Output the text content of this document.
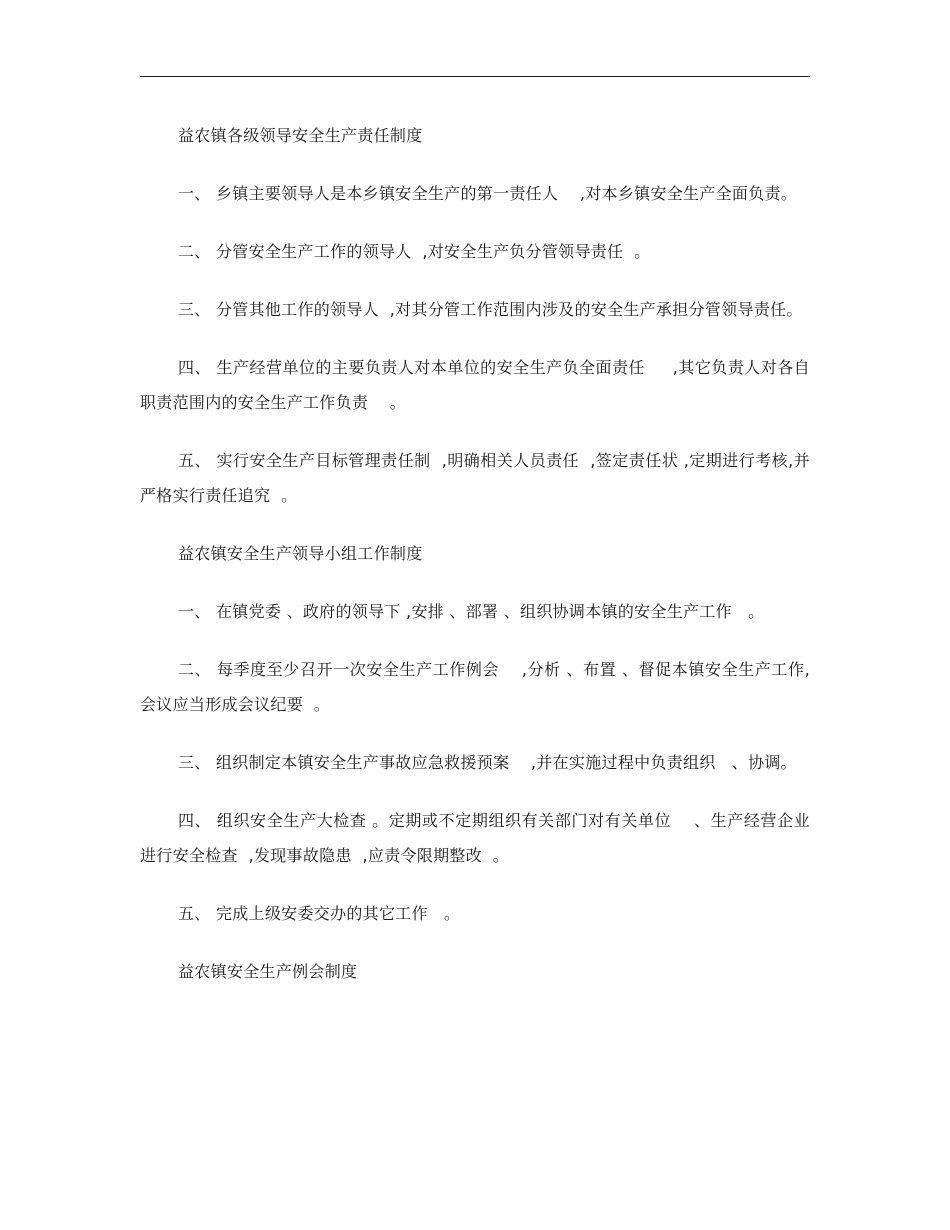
益农镇各级领导安全生产责任制度

一、 乡镇主要领导人是本乡镇安全生产的第一责任人    ,对本乡镇安全生产全面负责。

二、 分管安全生产工作的领导人  ,对安全生产负分管领导责任  。

三、 分管其他工作的领导人  ,对其分管工作范围内涉及的安全生产承担分管领导责任。

四、 生产经营单位的主要负责人对本单位的安全生产负全面责任     ,其它负责人对各自职责范围内的安全生产工作负责    。

五、 实行安全生产目标管理责任制  ,明确相关人员责任  ,签定责任状 ,定期进行考核,并严格实行责任追究  。

益农镇安全生产领导小组工作制度

一、 在镇党委 、政府的领导下 ,安排 、部署 、组织协调本镇的安全生产工作   。

二、 每季度至少召开一次安全生产工作例会    ,分析 、布置 、督促本镇安全生产工作,会议应当形成会议纪要  。

三、 组织制定本镇安全生产事故应急救援预案    ,并在实施过程中负责组织   、协调。

四、 组织安全生产大检查 。定期或不定期组织有关部门对有关单位    、生产经营企业进行安全检查  ,发现事故隐患  ,应责令限期整改  。

五、 完成上级安委交办的其它工作   。

益农镇安全生产例会制度
